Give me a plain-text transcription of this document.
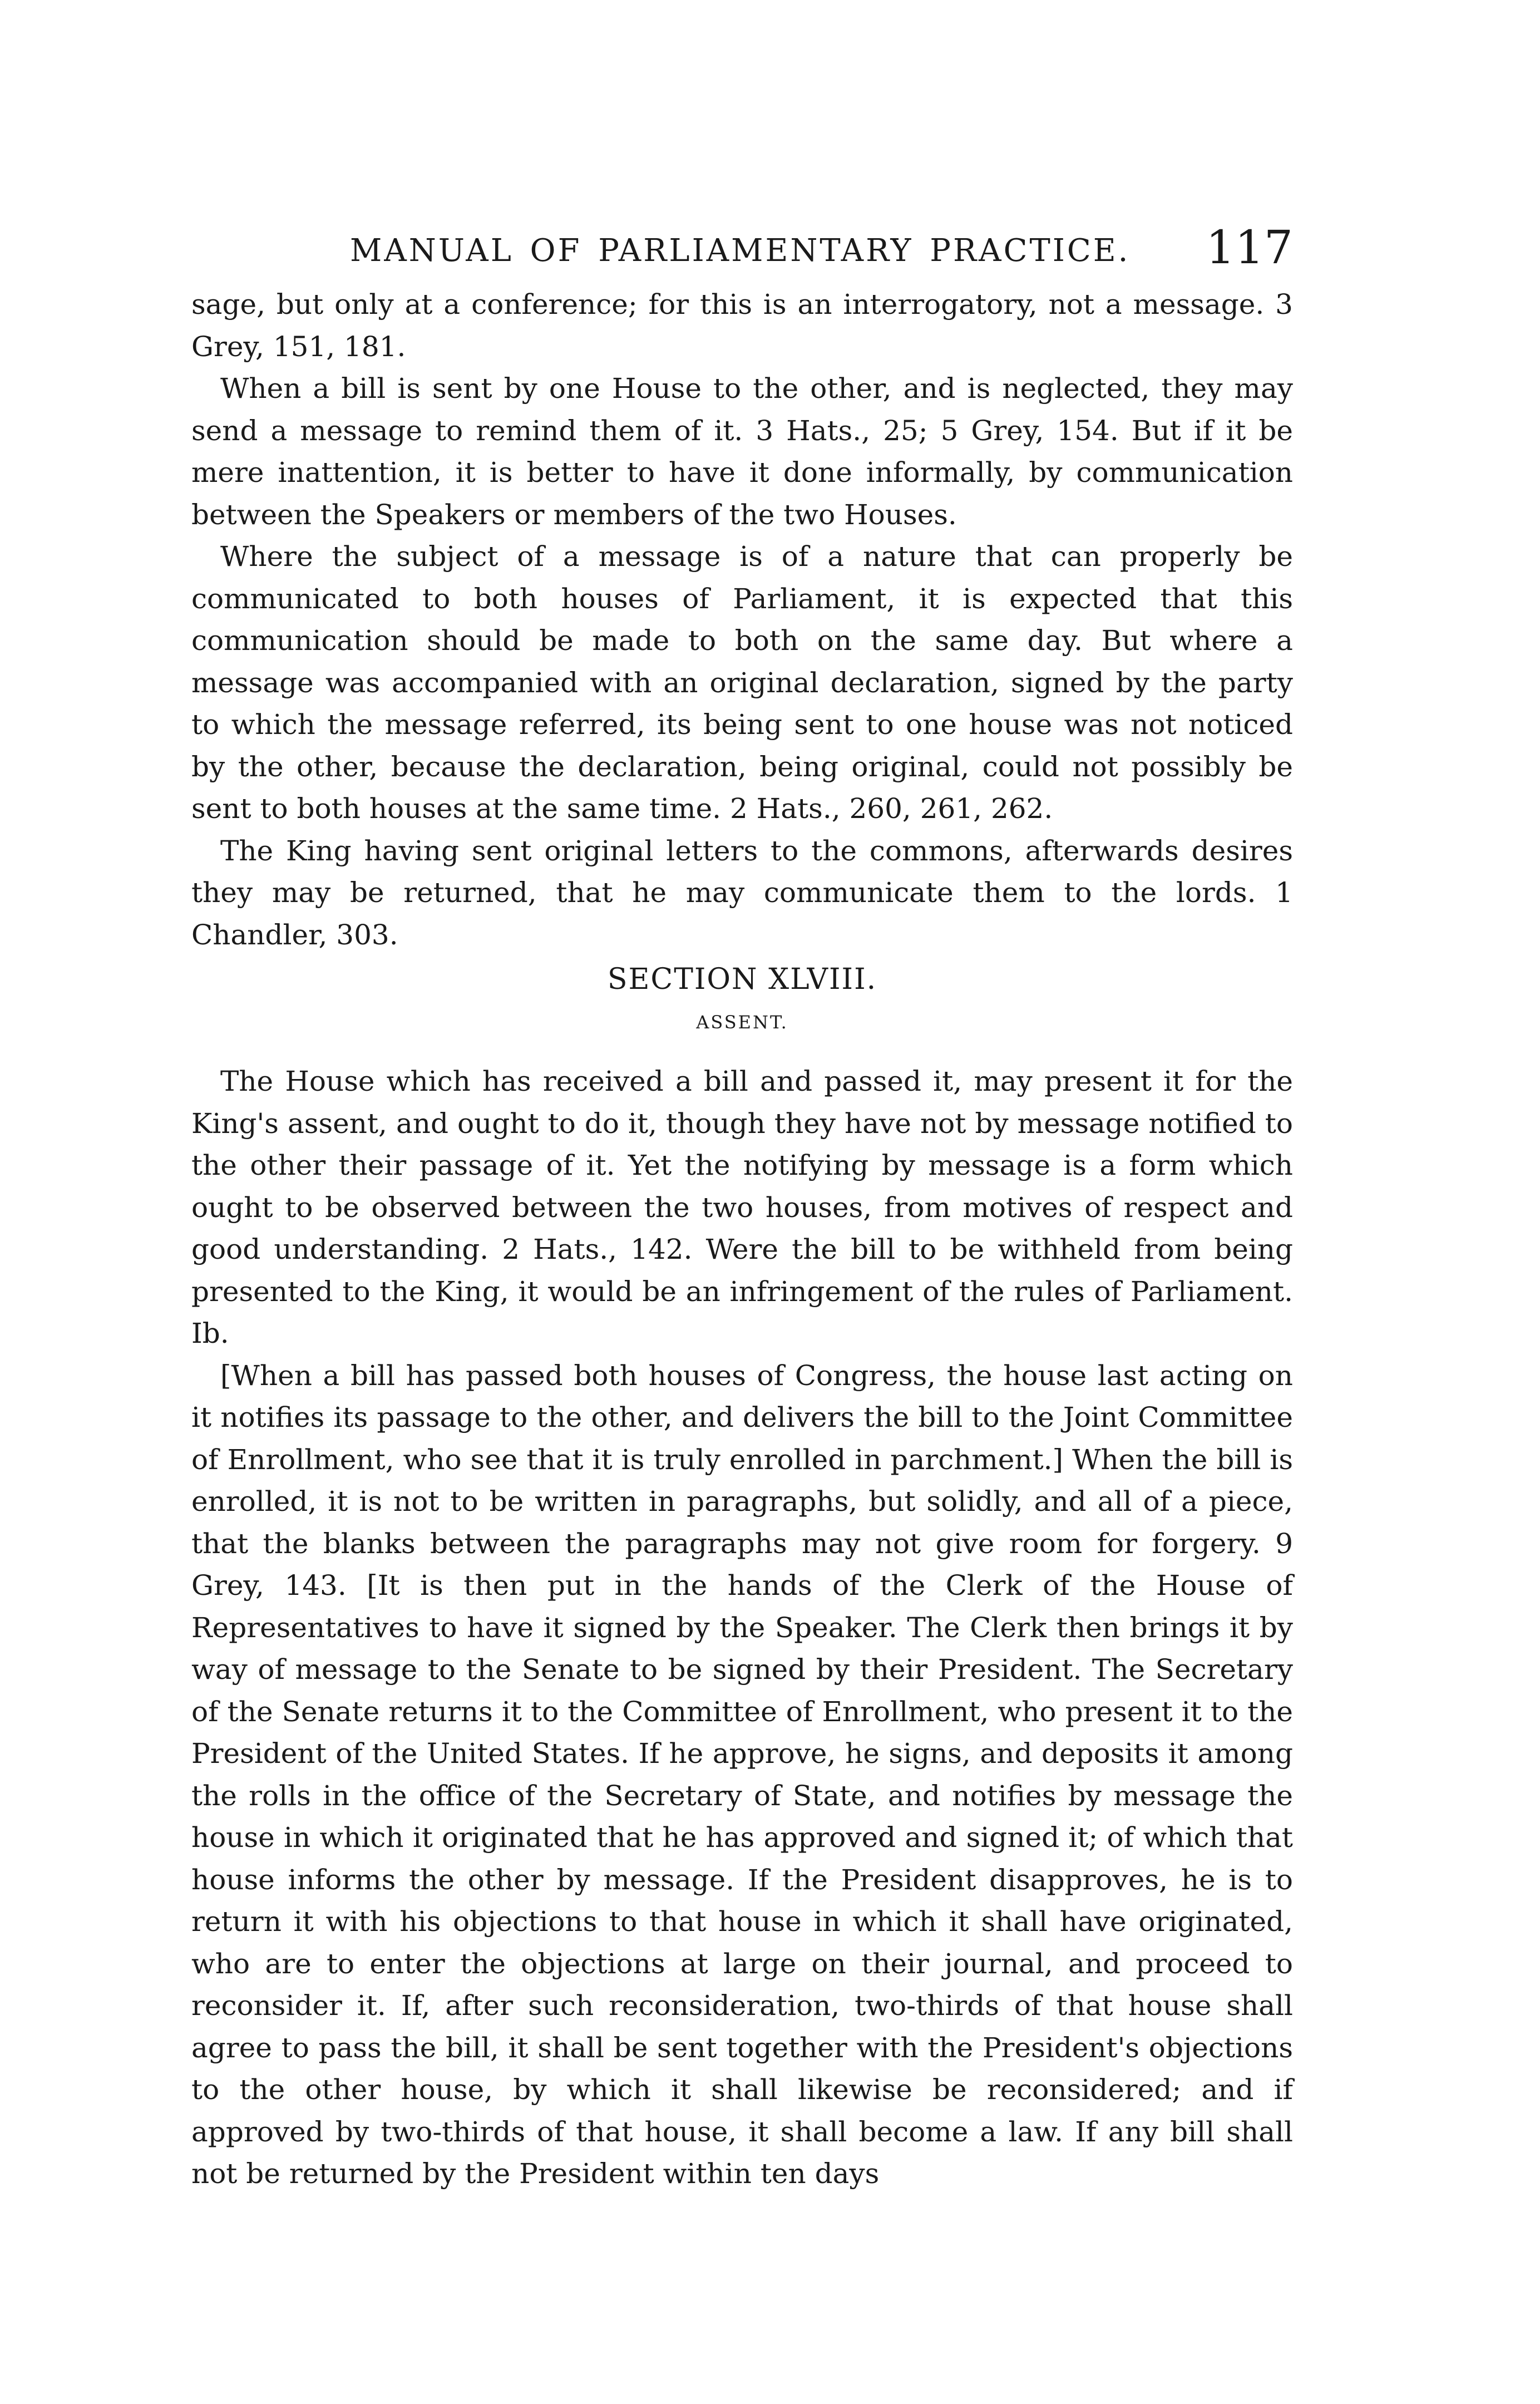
MANUAL OF PARLIAMENTARY PRACTICE. 117

sage, but only at a conference; for this is an interrogatory, not a message. 3 Grey, 151, 181.

When a bill is sent by one House to the other, and is neglected, they may send a message to remind them of it. 3 Hats., 25; 5 Grey, 154. But if it be mere inattention, it is better to have it done informally, by communication between the Speakers or members of the two Houses.

Where the subject of a message is of a nature that can properly be communicated to both houses of Parliament, it is expected that this communication should be made to both on the same day. But where a message was accompanied with an original declaration, signed by the party to which the message referred, its being sent to one house was not noticed by the other, because the declaration, being original, could not possibly be sent to both houses at the same time. 2 Hats., 260, 261, 262.

The King having sent original letters to the commons, afterwards desires they may be returned, that he may communicate them to the lords. 1 Chandler, 303.

SECTION XLVIII.
ASSENT.

The House which has received a bill and passed it, may present it for the King's assent, and ought to do it, though they have not by message notified to the other their passage of it. Yet the notifying by message is a form which ought to be observed between the two houses, from motives of respect and good understanding. 2 Hats., 142. Were the bill to be withheld from being presented to the King, it would be an infringement of the rules of Parliament. Ib.

[When a bill has passed both houses of Congress, the house last acting on it notifies its passage to the other, and delivers the bill to the Joint Committee of Enrollment, who see that it is truly enrolled in parchment.] When the bill is enrolled, it is not to be written in paragraphs, but solidly, and all of a piece, that the blanks between the paragraphs may not give room for forgery. 9 Grey, 143. [It is then put in the hands of the Clerk of the House of Representatives to have it signed by the Speaker. The Clerk then brings it by way of message to the Senate to be signed by their President. The Secretary of the Senate returns it to the Committee of Enrollment, who present it to the President of the United States. If he approve, he signs, and deposits it among the rolls in the office of the Secretary of State, and notifies by message the house in which it originated that he has approved and signed it; of which that house informs the other by message. If the President disapproves, he is to return it with his objections to that house in which it shall have originated, who are to enter the objections at large on their journal, and proceed to reconsider it. If, after such reconsideration, two-thirds of that house shall agree to pass the bill, it shall be sent together with the President's objections to the other house, by which it shall likewise be reconsidered; and if approved by two-thirds of that house, it shall become a law. If any bill shall not be returned by the President within ten days
